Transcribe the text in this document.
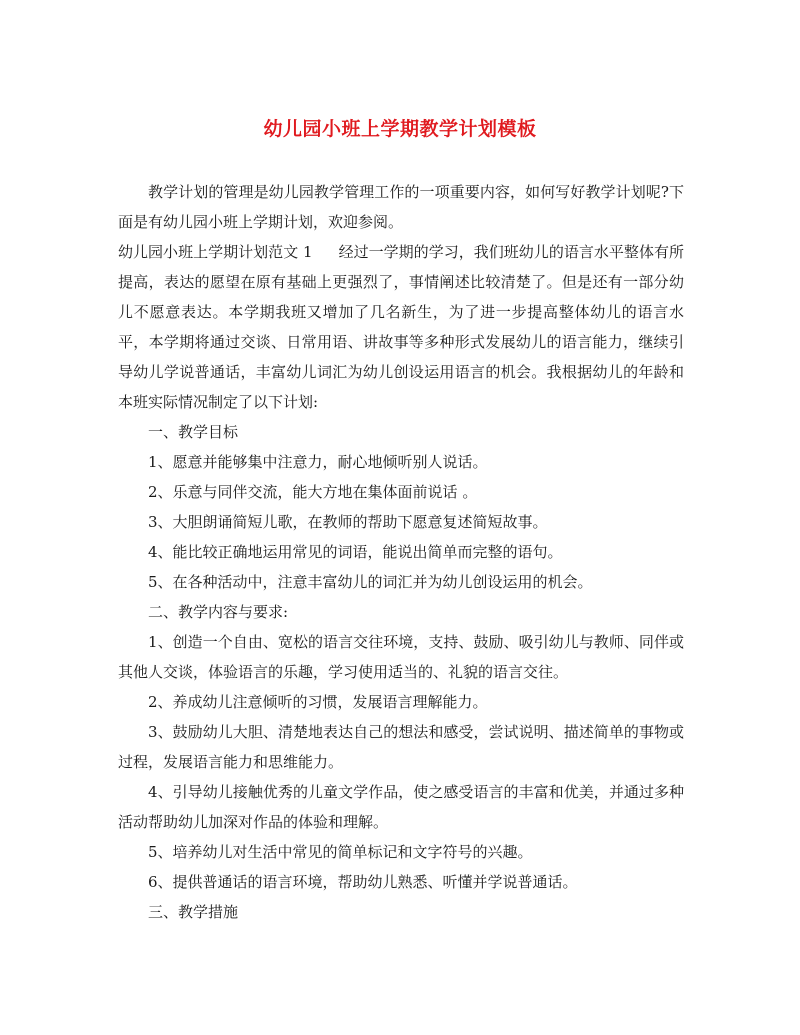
幼儿园小班上学期教学计划模板

教学计划的管理是幼儿园教学管理工作的一项重要内容，如何写好教学计划呢?下面是有幼儿园小班上学期计划，欢迎参阅。

幼儿园小班上学期计划范文 1 经过一学期的学习，我们班幼儿的语言水平整体有所提高，表达的愿望在原有基础上更强烈了，事情阐述比较清楚了。但是还有一部分幼儿不愿意表达。本学期我班又增加了几名新生，为了进一步提高整体幼儿的语言水平，本学期将通过交谈、日常用语、讲故事等多种形式发展幼儿的语言能力，继续引导幼儿学说普通话，丰富幼儿词汇为幼儿创设运用语言的机会。我根据幼儿的年龄和本班实际情况制定了以下计划:

一、教学目标

1、愿意并能够集中注意力，耐心地倾听别人说话。

2、乐意与同伴交流，能大方地在集体面前说话 。

3、大胆朗诵简短儿歌，在教师的帮助下愿意复述简短故事。

4、能比较正确地运用常见的词语，能说出简单而完整的语句。

5、在各种活动中，注意丰富幼儿的词汇并为幼儿创设运用的机会。

二、教学内容与要求:

1、创造一个自由、宽松的语言交往环境，支持、鼓励、吸引幼儿与教师、同伴或其他人交谈，体验语言的乐趣，学习使用适当的、礼貌的语言交往。

2、养成幼儿注意倾听的习惯，发展语言理解能力。

3、鼓励幼儿大胆、清楚地表达自己的想法和感受，尝试说明、描述简单的事物或过程，发展语言能力和思维能力。

4、引导幼儿接触优秀的儿童文学作品，使之感受语言的丰富和优美，并通过多种活动帮助幼儿加深对作品的体验和理解。

5、培养幼儿对生活中常见的简单标记和文字符号的兴趣。

6、提供普通话的语言环境，帮助幼儿熟悉、听懂并学说普通话。

三、教学措施
